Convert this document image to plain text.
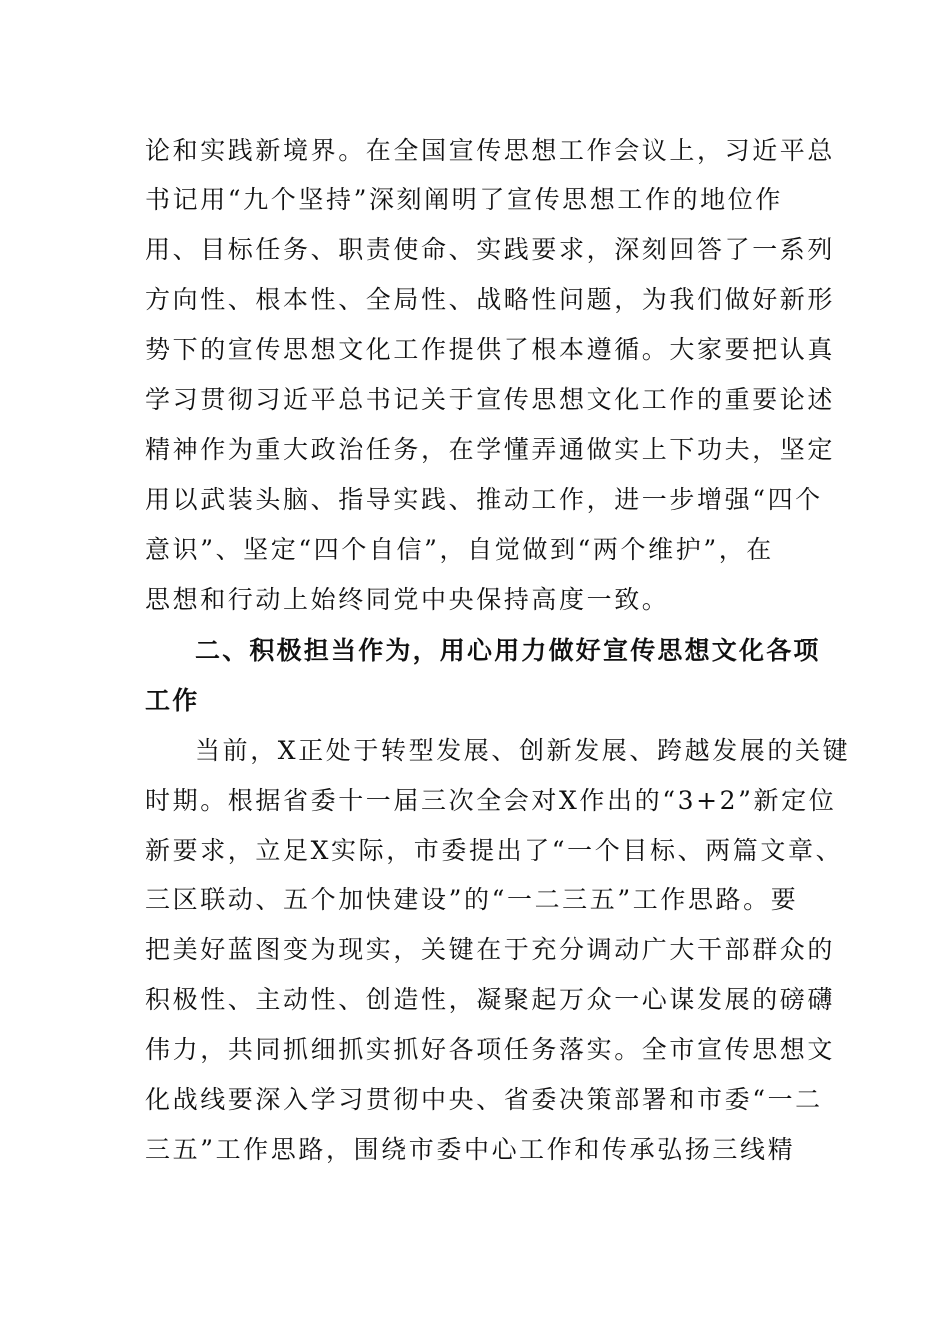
论和实践新境界。在全国宣传思想工作会议上，习近平总
书记用“九个坚持”深刻阐明了宣传思想工作的地位作
用、目标任务、职责使命、实践要求，深刻回答了一系列
方向性、根本性、全局性、战略性问题，为我们做好新形
势下的宣传思想文化工作提供了根本遵循。大家要把认真
学习贯彻习近平总书记关于宣传思想文化工作的重要论述
精神作为重大政治任务，在学懂弄通做实上下功夫，坚定
用以武装头脑、指导实践、推动工作，进一步增强“四个
意识”、坚定“四个自信”，自觉做到“两个维护”，在
思想和行动上始终同党中央保持高度一致。
二、积极担当作为，用心用力做好宣传思想文化各项
工作
当前，X正处于转型发展、创新发展、跨越发展的关键
时期。根据省委十一届三次全会对X作出的“3+2”新定位
新要求，立足X实际，市委提出了“一个目标、两篇文章、
三区联动、五个加快建设”的“一二三五”工作思路。要
把美好蓝图变为现实，关键在于充分调动广大干部群众的
积极性、主动性、创造性，凝聚起万众一心谋发展的磅礴
伟力，共同抓细抓实抓好各项任务落实。全市宣传思想文
化战线要深入学习贯彻中央、省委决策部署和市委“一二
三五”工作思路，围绕市委中心工作和传承弘扬三线精
